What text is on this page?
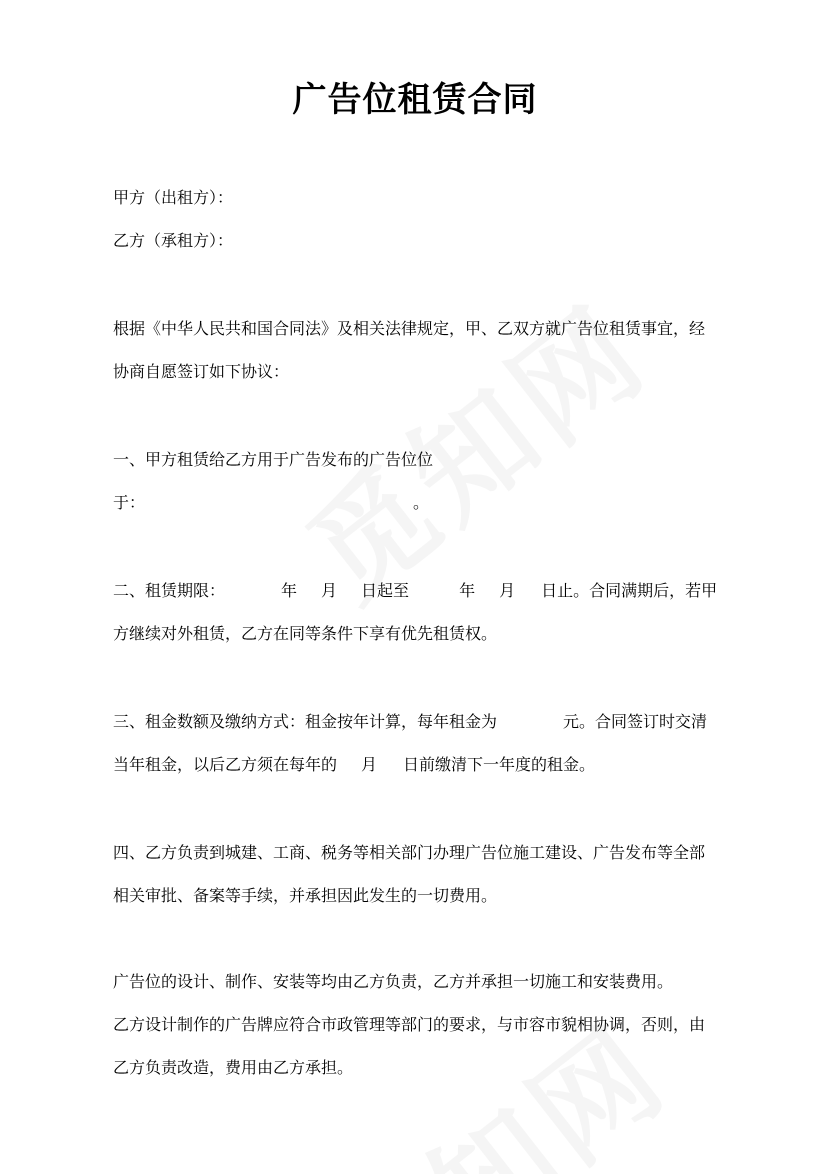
广告位租赁合同
甲方（出租方）：
乙方（承租方）：
根据《中华人民共和国合同法》及相关法律规定，甲、乙双方就广告位租赁事宜，经
协商自愿签订如下协议：
一、甲方租赁给乙方用于广告发布的广告位位
于：	。
二、租赁期限：	年 月 日起至	年 月 日止。合同满期后，若甲
方继续对外租赁，乙方在同等条件下享有优先租赁权。
三、租金数额及缴纳方式：租金按年计算，每年租金为	元。合同签订时交清
当年租金，以后乙方须在每年的 月 日前缴清下一年度的租金。
四、乙方负责到城建、工商、税务等相关部门办理广告位施工建设、广告发布等全部
相关审批、备案等手续，并承担因此发生的一切费用。
广告位的设计、制作、安装等均由乙方负责，乙方并承担一切施工和安装费用。
乙方设计制作的广告牌应符合市政管理等部门的要求，与市容市貌相协调，否则，由
乙方负责改造，费用由乙方承担。
